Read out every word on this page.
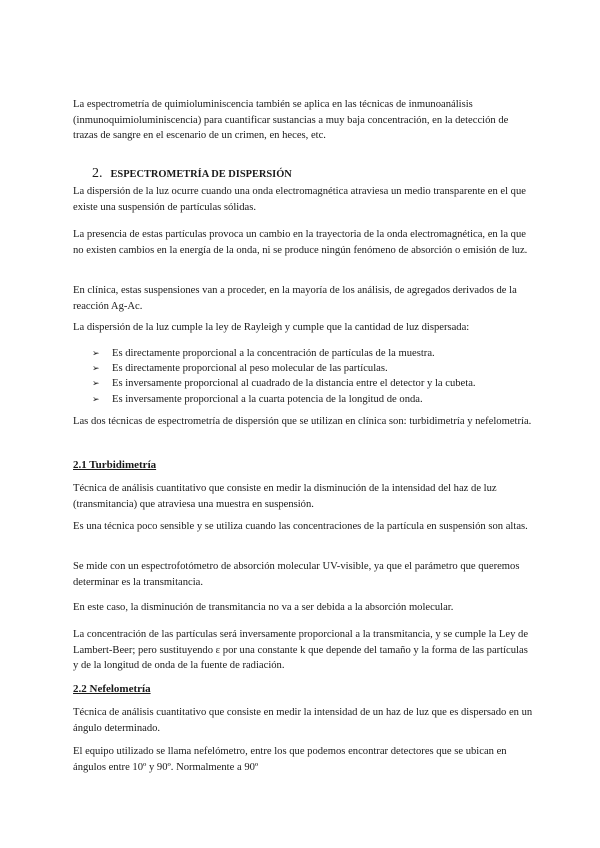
La espectrometría de quimioluminiscencia también se aplica en las técnicas de inmunoanálisis (inmunoquimioluminiscencia) para cuantificar sustancias a muy baja concentración, en la detección de trazas de sangre en el escenario de un crimen, en heces, etc.

2. ESPECTROMETRÍA DE DISPERSIÓN

La dispersión de la luz ocurre cuando una onda electromagnética atraviesa un medio transparente en el que existe una suspensión de partículas sólidas.

La presencia de estas partículas provoca un cambio en la trayectoria de la onda electromagnética, en la que no existen cambios en la energía de la onda, ni se produce ningún fenómeno de absorción o emisión de luz.

En clínica, estas suspensiones van a proceder, en la mayoría de los análisis, de agregados derivados de la reacción Ag-Ac.

La dispersión de la luz cumple la ley de Rayleigh y cumple que la cantidad de luz dispersada:

➢ Es directamente proporcional a la concentración de partículas de la muestra.
➢ Es directamente proporcional al peso molecular de las partículas.
➢ Es inversamente proporcional al cuadrado de la distancia entre el detector y la cubeta.
➢ Es inversamente proporcional a la cuarta potencia de la longitud de onda.

Las dos técnicas de espectrometría de dispersión que se utilizan en clínica son: turbidimetría y nefelometría.

2.1 Turbidimetría

Técnica de análisis cuantitativo que consiste en medir la disminución de la intensidad del haz de luz (transmitancia) que atraviesa una muestra en suspensión.

Es una técnica poco sensible y se utiliza cuando las concentraciones de la partícula en suspensión son altas.

Se mide con un espectrofotómetro de absorción molecular UV-visible, ya que el parámetro que queremos determinar es la transmitancia.

En este caso, la disminución de transmitancia no va a ser debida a la absorción molecular.

La concentración de las partículas será inversamente proporcional a la transmitancia, y se cumple la Ley de Lambert-Beer; pero sustituyendo ε por una constante k que depende del tamaño y la forma de las partículas y de la longitud de onda de la fuente de radiación.

2.2 Nefelometría

Técnica de análisis cuantitativo que consiste en medir la intensidad de un haz de luz que es dispersado en un ángulo determinado.

El equipo utilizado se llama nefelómetro, entre los que podemos encontrar detectores que se ubican en ángulos entre 10º y 90º. Normalmente a 90º
